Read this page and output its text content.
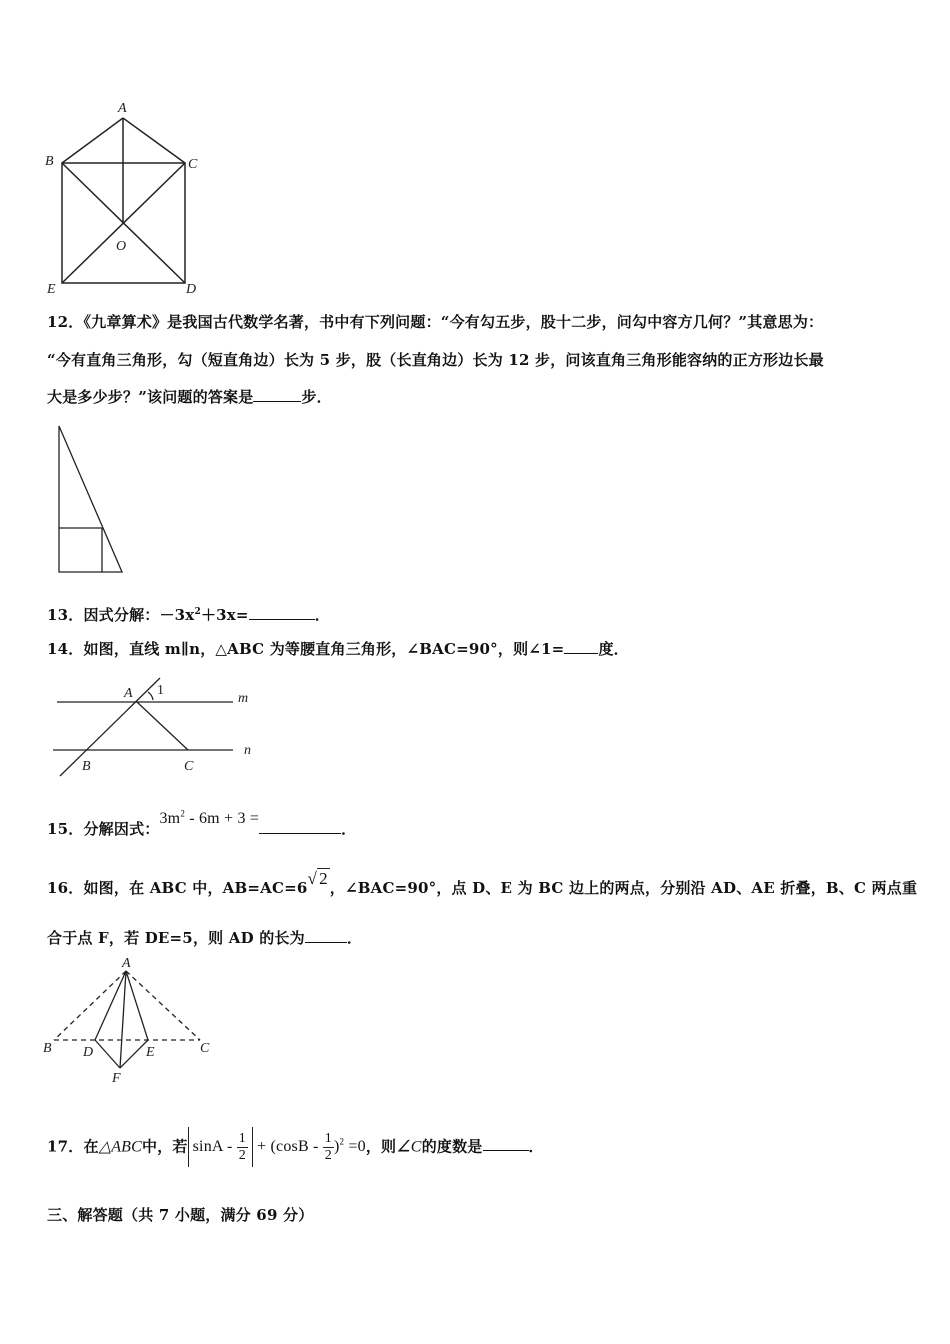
A
B	C
O
E	D
12．《九章算术》是我国古代数学名著，书中有下列问题：“今有勾五步，股十二步，问勾中容方几何？”其意思为：
“今有直角三角形，勾（短直角边）长为 5 步，股（长直角边）长为 12 步，问该直角三角形能容纳的正方形边长最
大是多少步？”该问题的答案是	步．
13．因式分解：$-3x^2+3x=$	．
14．如图，直线 m∥n，△ABC 为等腰直角三角形，∠BAC=90°，则∠1= 度．
A 1
m
n
B	C
15．分解因式：$3m^2 - 6m + 3$ =．
16．如图，在 ABC 中，AB=AC=6√ 2 ，∠BAC=90°，点 D、E 为 BC 边上的两点，分别沿 AD、AE 折叠，B、C 两点重
合于点 F，若 DE=5，则 AD 的长为	．
A
B D	E	C
F
17．在△ABC中，若 $\sin A - \frac{1}{2} + (\cos B - \frac{1}{2} )^2 =0$，则∠C的度数是	．
三、解答题（共 7 小题，满分 69 分）
